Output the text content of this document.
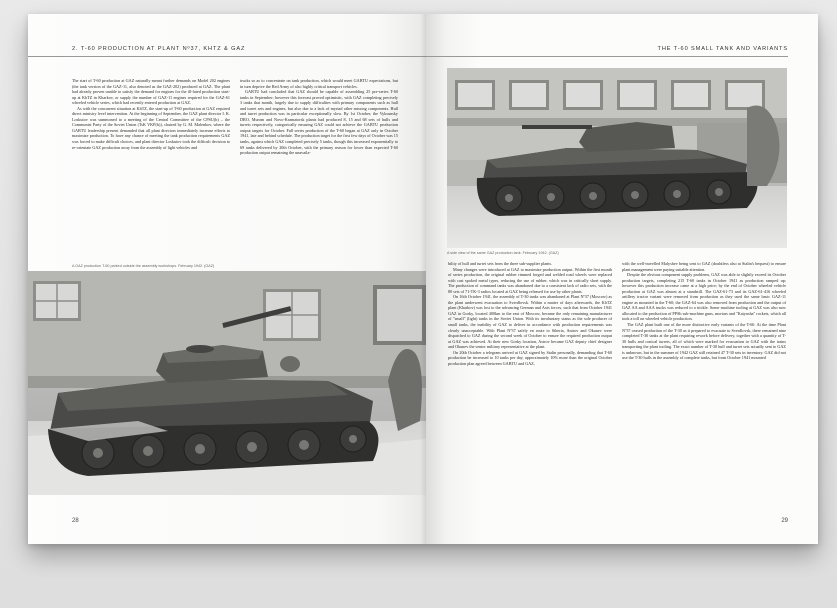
2. T-60 PRODUCTION AT PLANT Nº37, KHTZ & GAZ

The start of T-60 production at GAZ naturally meant further demands on Model 202 engines (the tank version of the GAZ-11, also denoted as the GAZ-202) produced at GAZ. The plant had already proven unable to satisfy the demand for engines for the ill-fated production start-up at KhTZ in Kharkov, or supply the number of GAZ-11 engines required for the GAZ-61 wheeled vehicle series, which had recently entered production at GAZ.

As with the concurrent situation at KhTZ, the start-up of T-60 production at GAZ required direct ministry level intervention. At the beginning of September, the GAZ plant director I. K. Loskutov was summoned to a meeting of the Central Committee of the CPSU(b) – the Communist Party of the Soviet Union (TsK VKP(b)), chaired by G. M. Malenkov, where the GABTU leadership present demanded that all plant directors immediately increase efforts to maximize production. To have any chance of meeting the tank production requirements GAZ was forced to make difficult choices, and plant director Loskutov took the difficult decision to re-orientate GAZ production away from the assembly of light vehicles and

trucks so as to concentrate on tank production, which would meet GABTU expectations, but in turn deprive the Red Army of also highly critical transport vehicles.

GABTU had concluded that GAZ should be capable of assembling 25 pre-series T-60 tanks in September; however this forecast proved optimistic, with GAZ completing precisely 3 tanks that month, largely due to supply difficulties with primary components such as hull and turret sets and engines, but also due to a lack of myriad other missing components. Hull and turret production was in particular exceptionally slow. By 1st October, the Vyksunsky DRO, Murom and Novo-Kramatorsk plants had produced 8, 15 and 68 sets of hulls and turrets respectively, categorically ensuring GAZ could not achieve the GABTU production output targets for October. Full series production of the T-60 began at GAZ only in October 1941, late and behind schedule. The production target for the first few days of October was 15 tanks, against which GAZ completed precisely 5 tanks, though this increased exponentially to 69 tanks delivered by 20th October, with the primary reason for lower than expected T-60 production output remaining the unavaila-

A GAZ production T-60 parked outside the assembly workshops. February 1942. (GAZ)
28
THE T-60 SMALL TANK AND VARIANTS
A side view of the same GAZ production tank. February 1942. (GAZ)

bility of hull and turret sets from the three sub-supplier plants.

Many changes were introduced at GAZ to maximize production output. Within the first month of series production, the original rubber rimmed forged and welded road wheels were replaced with cast spoked metal types, reducing the use of rubber, which was in critically short supply. The production of command tanks was abandoned due to a consistent lack of radio sets, with the 80 sets of 71-TK-3 radios located at GAZ being released for use by other plants.

On 16th October 1941, the assembly of T-30 tanks was abandoned at Plant Nº37 (Moscow) as the plant underwent evacuation to Sverdlovsk. Within a matter of days afterwards, the KhTZ plant (Kharkov) was lost to the advancing German and Axis forces, such that from October 1941 GAZ in Gorky, located 400km to the east of Moscow, became the only remaining manufacturer of "small" (light) tanks in the Soviet Union. With its involuntary status as the sole producer of small tanks, the inability of GAZ to deliver in accordance with production requirements was clearly unacceptable. With Plant Nº37 safely en route to Siberia, Antrov and Okunev were dispatched to GAZ during the second week of October to ensure the required production output at GAZ was achieved. At their new Gorky location, Astrov became GAZ deputy chief designer and Okunev the senior military representative at the plant.

On 20th October a telegram arrived at GAZ signed by Stalin personally, demanding that T-60 production be increased to 10 tanks per day, approximately 10% more than the original October production plan agreed between GABTU and GAZ,

with the well-travelled Malyshev being sent to GAZ (doubtless also at Stalin's bequest) to ensure plant management were paying suitable attention.

Despite the obvious component supply problems, GAZ was able to slightly exceed its October production targets, completing 215 T-60 tanks in October 1941 as production ramped up; however this production increase came at a high price; by the end of October wheeled vehicle production at GAZ was almost at a standstill. The GAZ-61-73 and its GAZ-61-416 wheeled artillery tractor variant were removed from production as they used the same basic GAZ-11 engine as mounted in the T-60; the GAZ-64 was also removed from production and the output of GAZ AA and AAA trucks was reduced to a trickle. Some machine tooling at GAZ was also now allocated to the production of PPSh sub-machine guns, mortars and "Katyusha" rockets, which all took a toll on wheeled vehicle production.

The GAZ plant built one of the more distinctive early variants of the T-60. At the time Plant Nº37 ceased production of the T-30 as it prepared to evacuate to Sverdlovsk, there remained nine completed T-30 tanks at the plant requiring rework before delivery, together with a quantity of T-30 hulls and conical turrets, all of which were marked for evacuation to GAZ with the trains transporting the plant tooling. The exact number of T-30 hull and turret sets actually sent to GAZ is unknown, but in the summer of 1942 GAZ still retained 47 T-30 sets in inventory. GAZ did not use the T-30 hulls in the assembly of complete tanks, but from October 1941 mounted

29
